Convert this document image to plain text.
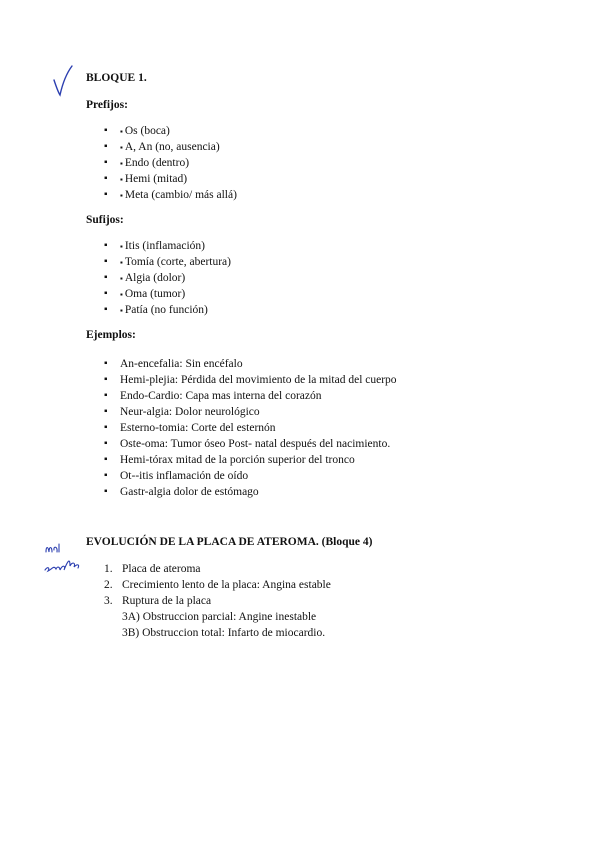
BLOQUE 1.
Prefijos:
▪ ▪ Os (boca)
▪ ▪ A, An (no, ausencia)
▪ ▪ Endo (dentro)
▪ ▪ Hemi (mitad)
▪ ▪ Meta (cambio/ más allá)
Sufijos:
▪ ▪ Itis (inflamación)
▪ ▪ Tomía (corte, abertura)
▪ ▪ Algia (dolor)
▪ ▪ Oma (tumor)
▪ ▪ Patía (no función)
Ejemplos:
▪ An-encefalia: Sin encéfalo
▪ Hemi-plejia: Pérdida del movimiento de la mitad del cuerpo
▪ Endo-Cardio: Capa mas interna del corazón
▪ Neur-algia: Dolor neurológico
▪ Esterno-tomia: Corte del esternón
▪ Oste-oma: Tumor óseo Post- natal después del nacimiento.
▪ Hemi-tórax mitad de la porción superior del tronco
▪ Ot--itis inflamación de oído
▪ Gastr-algia dolor de estómago
EVOLUCIÓN DE LA PLACA DE ATEROMA. (Bloque 4)
1. Placa de ateroma
2. Crecimiento lento de la placa: Angina estable
3. Ruptura de la placa
3A) Obstruccion parcial: Angine inestable
3B) Obstruccion total: Infarto de miocardio.
